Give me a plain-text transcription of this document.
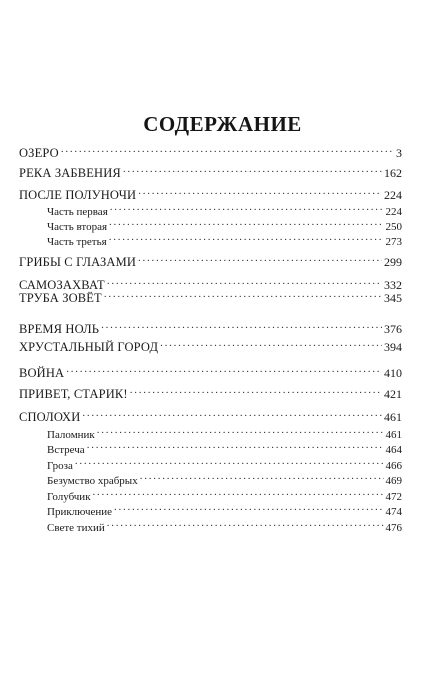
СОДЕРЖАНИЕ
ОЗЕРО . . .	3
РЕКА ЗАБВЕНИЯ . . .	162
ПОСЛЕ ПОЛУНОЧИ . . .	224
Часть первая . . .	224
Часть вторая . . .	250
Часть третья . . .	273
ГРИБЫ С ГЛАЗАМИ . . .	299
САМОЗАХВАТ . . .	332
ТРУБА ЗОВЁТ . . .	345
ВРЕМЯ НОЛЬ . . .	376
ХРУСТАЛЬНЫЙ ГОРОД . . .	394
ВОЙНА . . .	410
ПРИВЕТ, СТАРИК! . . .	421
СПОЛОХИ . . .	461
Паломник . . .	461
Встреча . . .	464
Гроза . . .	466
Безумство храбрых . . .	469
Голубчик . . .	472
Приключение . . .	474
Свете тихий . . .	476
